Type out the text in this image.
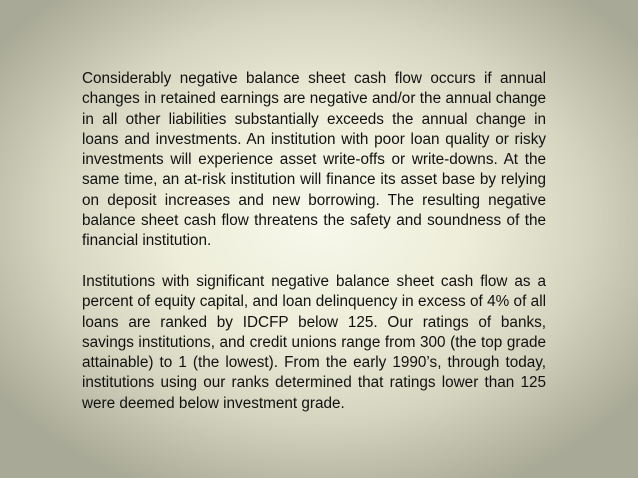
Considerably negative balance sheet cash flow occurs if annual changes in retained earnings are negative and/or the annual change in all other liabilities substantially exceeds the annual change in loans and investments. An institution with poor loan quality or risky investments will experience asset write-offs or write-downs. At the same time, an at-risk institution will finance its asset base by relying on deposit increases and new borrowing. The resulting negative balance sheet cash flow threatens the safety and soundness of the financial institution.

Institutions with significant negative balance sheet cash flow as a percent of equity capital, and loan delinquency in excess of 4% of all loans are ranked by IDCFP below 125. Our ratings of banks, savings institutions, and credit unions range from 300 (the top grade attainable) to 1 (the lowest). From the early 1990’s, through today, institutions using our ranks determined that ratings lower than 125 were deemed below investment grade.
